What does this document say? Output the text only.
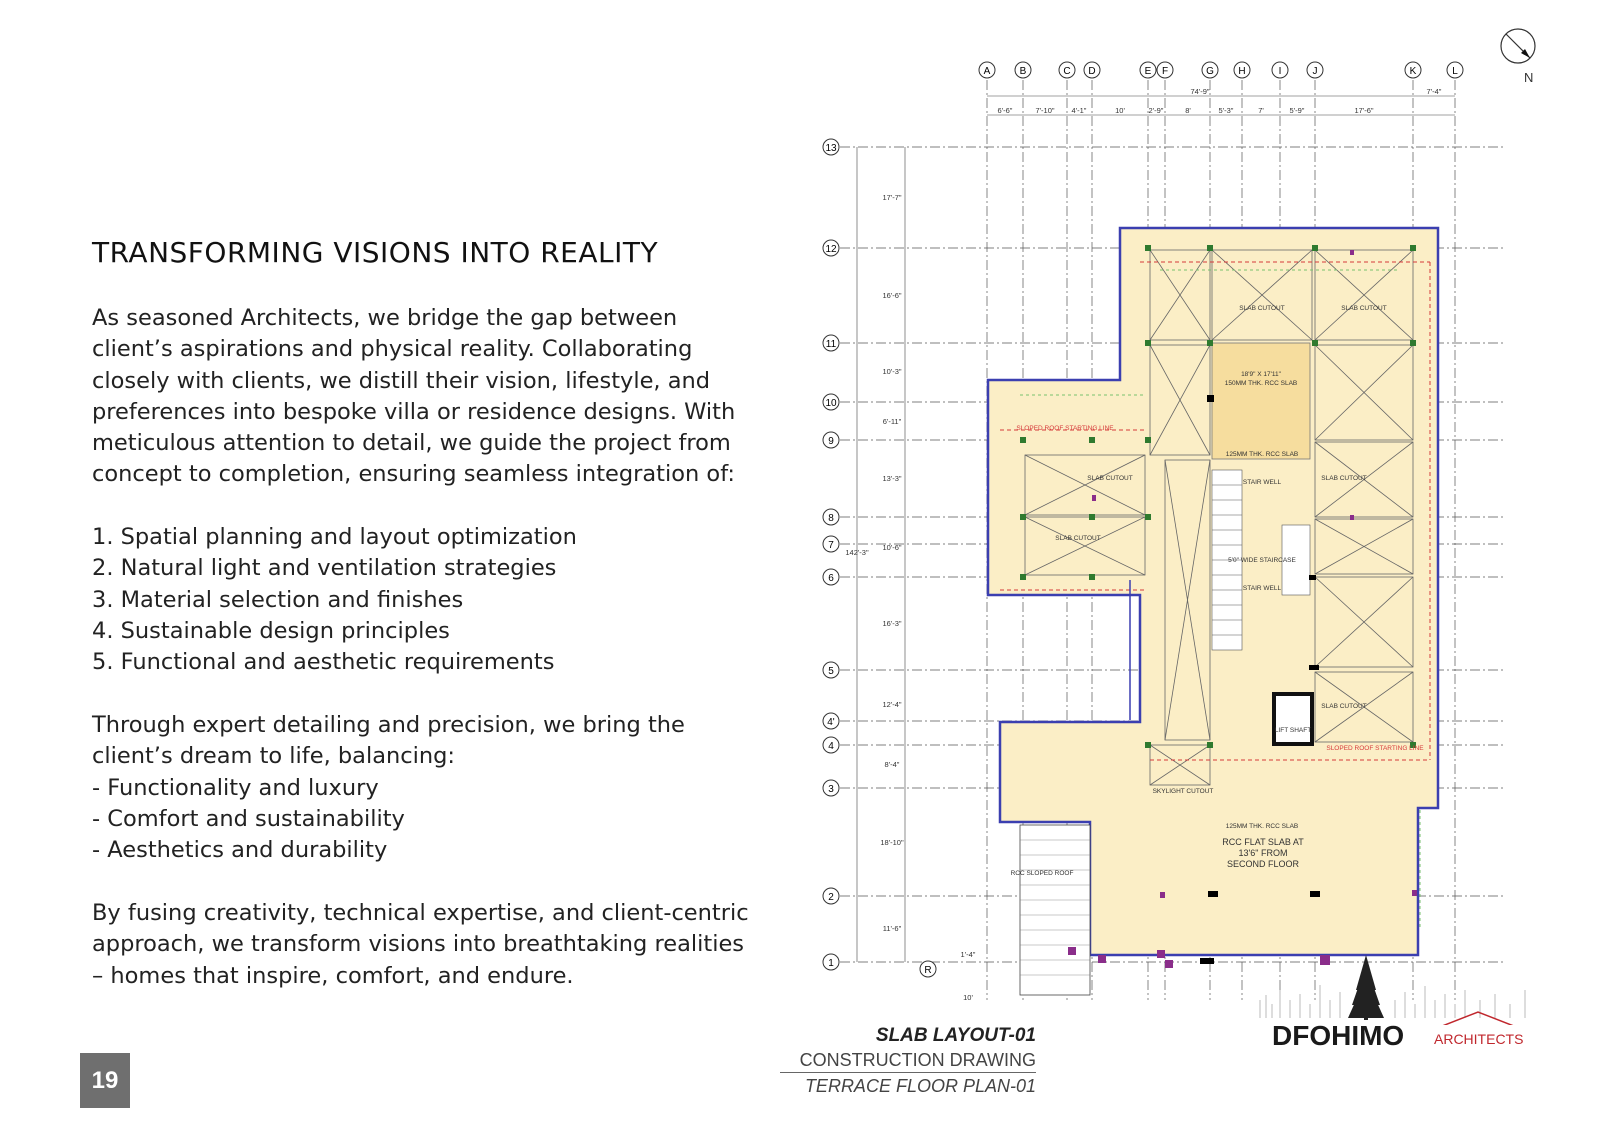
TRANSFORMING VISIONS INTO REALITY

As seasoned Architects, we bridge the gap between client’s aspirations and physical reality. Collaborating closely with clients, we distill their vision, lifestyle, and preferences into bespoke villa or residence designs. With meticulous attention to detail, we guide the project from concept to completion, ensuring seamless integration of:

1. Spatial planning and layout optimization
2. Natural light and ventilation strategies
3. Material selection and finishes
4. Sustainable design principles
5. Functional and aesthetic requirements

Through expert detailing and precision, we bring the client’s dream to life, balancing:

- Functionality and luxury
- Comfort and sustainability
- Aesthetics and durability

By fusing creativity, technical expertise, and client-centric approach, we transform visions into breathtaking realities – homes that inspire, comfort, and endure.

19
A	B	C D	E F	G H	I	J	K	L
13
12
11
10
9
8
7
6
5
4'
4
3
2
1
R
74'-9"	7'-4"
6'-6"	7'-10" 4'-1"	10'	2'-9"	8'	5'-3"	7'	5'-9"	17'-6"
17'-7"
16'-6"
10'-3"
6'-11"
13'-3"
10'-6"
16'-3"
12'-4"
8'-4"
18'-10"
11'-6"
142'-3"
1'-4"
10'
SLAB CUTOUT	SLAB CUTOUT
SLAB CUTOUT
SLAB CUTOUT
SLAB CUTOUT
SLAB CUTOUT
18'9" X 17'11"
150MM THK. RCC SLAB
125MM THK. RCC SLAB
STAIR WELL
STAIR WELL
5'0" WIDE STAIRCASE
LIFT SHAFT
SKYLIGHT CUTOUT
125MM THK. RCC SLAB
RCC SLOPED ROOF
SLOPED ROOF STARTING LINE
SLOPED ROOF STARTING LINE
RCC FLAT SLAB AT
13'6" FROM
SECOND FLOOR
N
SLAB LAYOUT-01
CONSTRUCTION DRAWING
TERRACE FLOOR PLAN-01
DFOHIMO ARCHITECTS
